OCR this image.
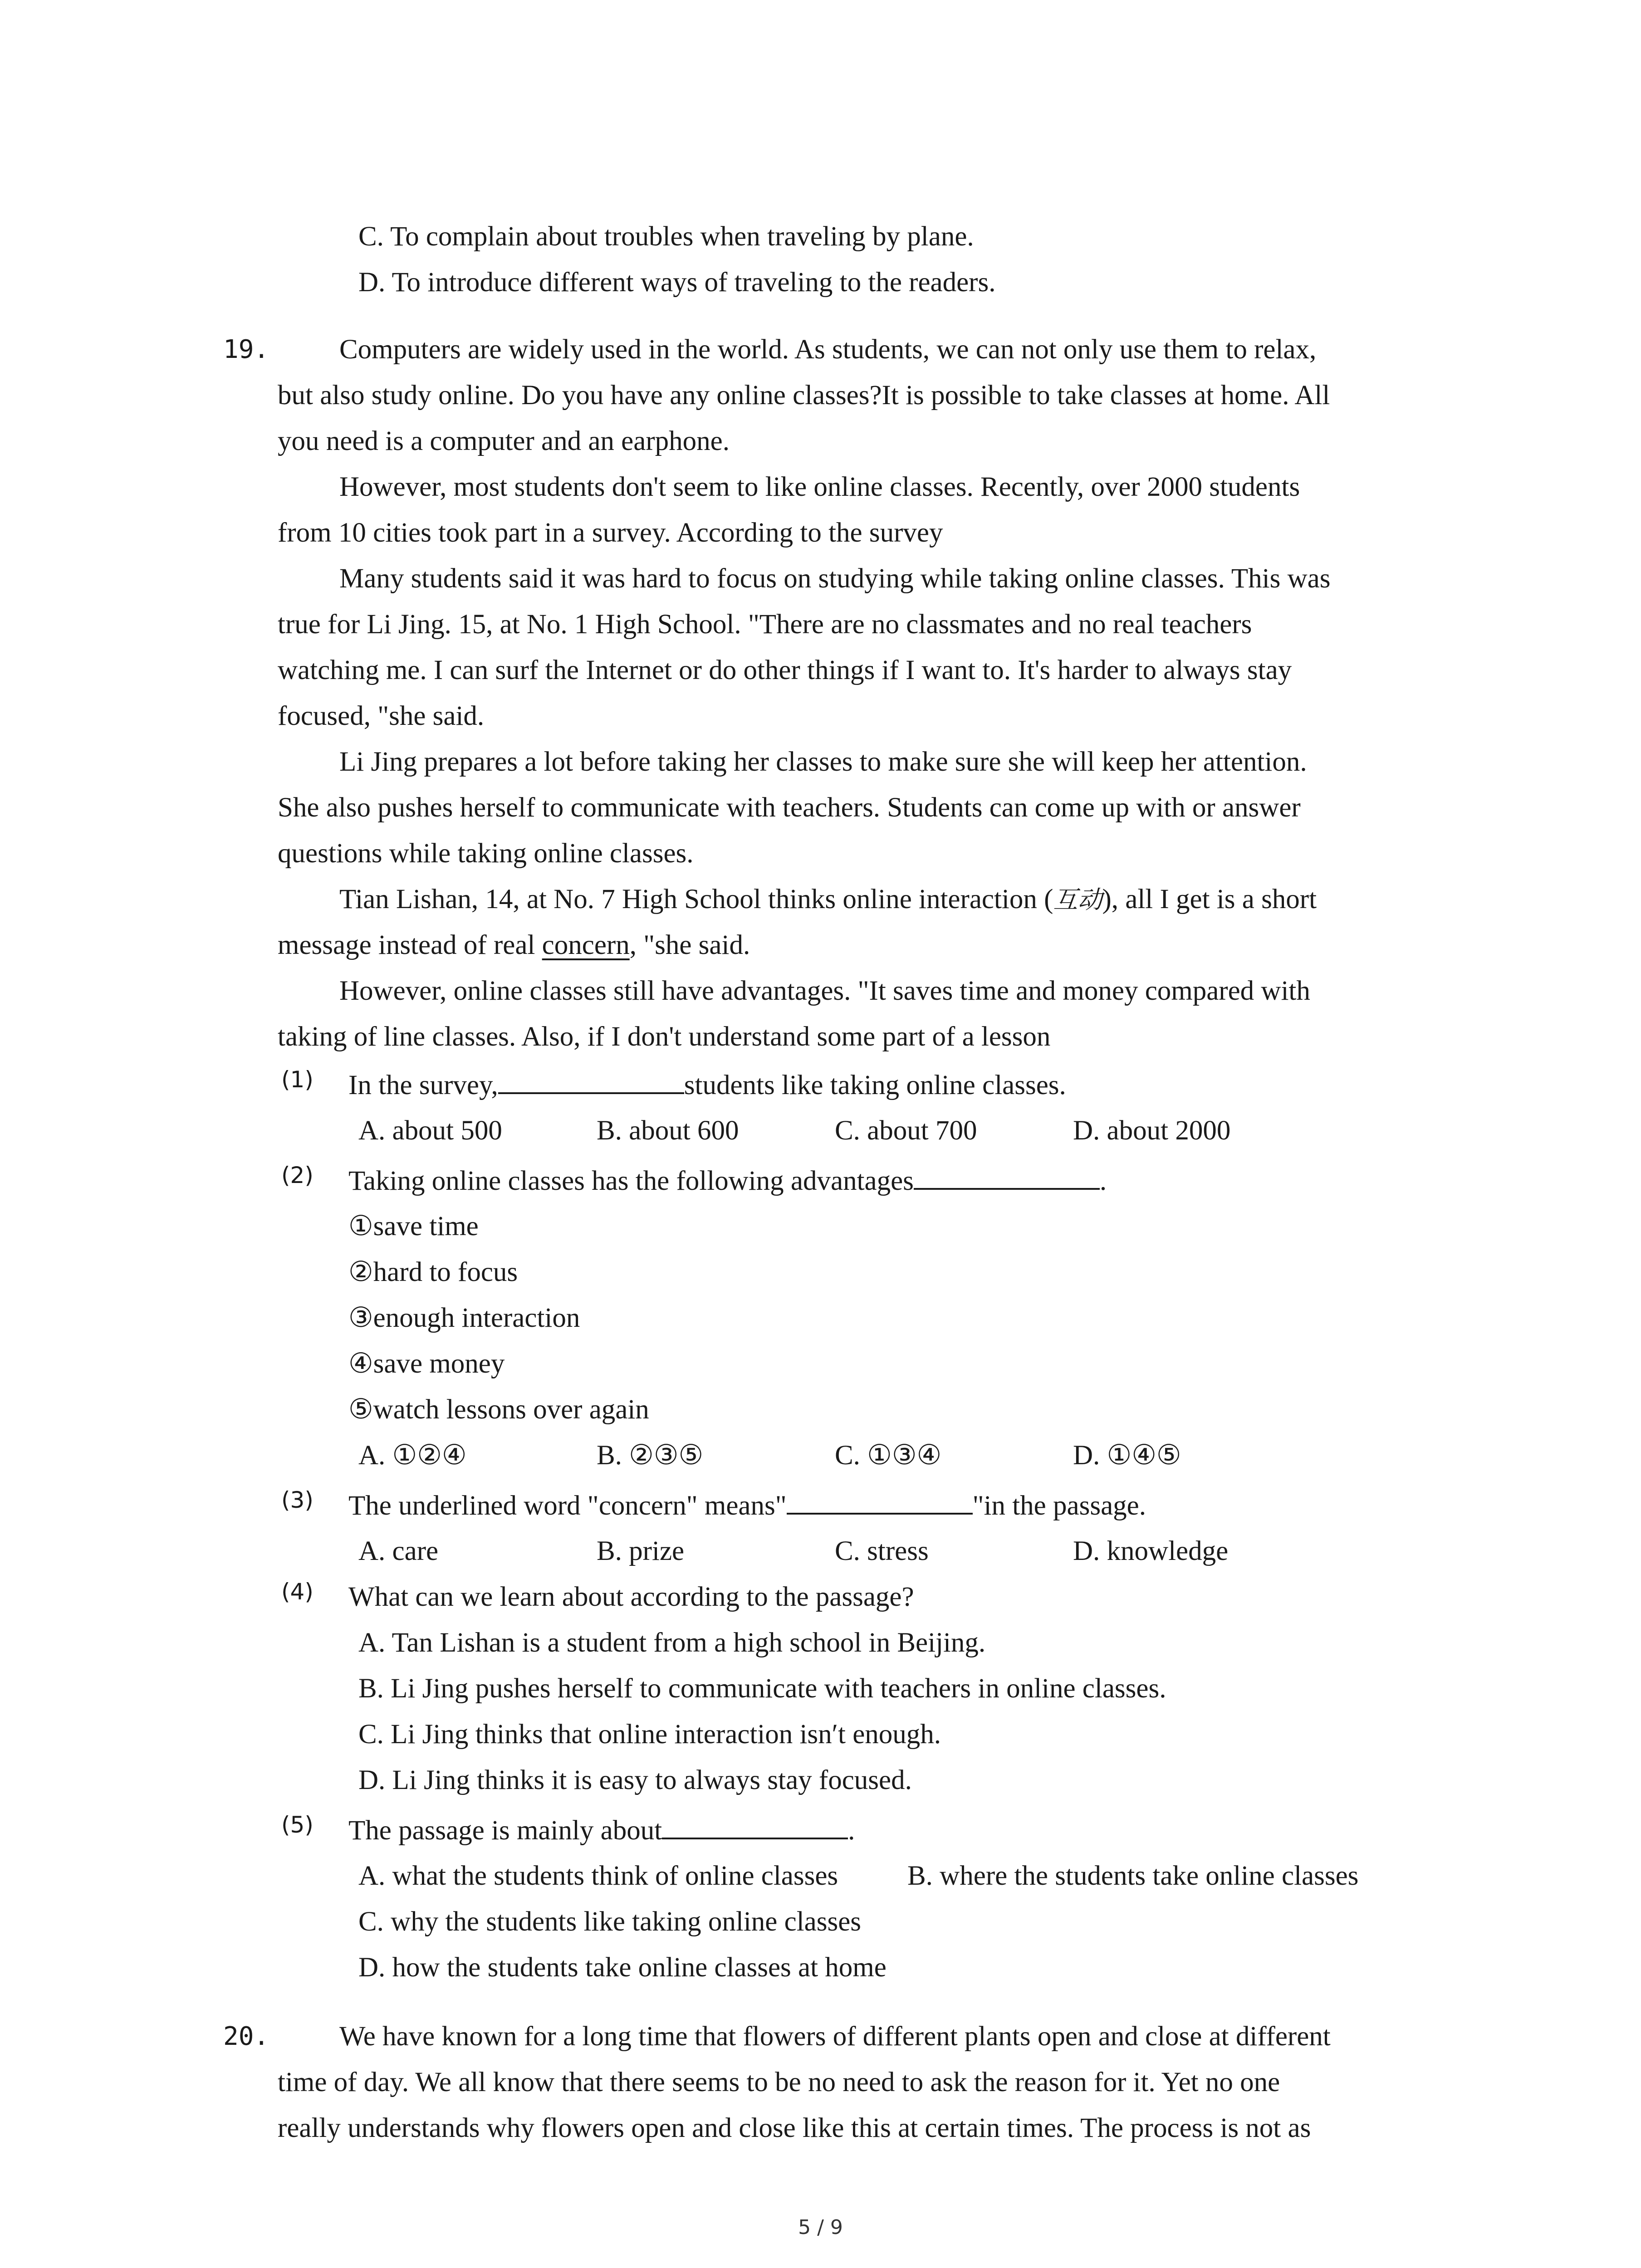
C. To complain about troubles when traveling by plane.
D. To introduce different ways of traveling to the readers.
19.	Computers are widely used in the world. As students, we can not only use them to relax,
but also study online. Do you have any online classes?It is possible to take classes at home. All
you need is a computer and an earphone.
However, most students don't seem to like online classes. Recently, over 2000 students
from 10 cities took part in a survey. According to the survey
Many students said it was hard to focus on studying while taking online classes. This was
true for Li Jing. 15, at No. 1 High School. "There are no classmates and no real teachers
watching me. I can surf the Internet or do other things if I want to. It's harder to always stay
focused, "she said.
Li Jing prepares a lot before taking her classes to make sure she will keep her attention.
She also pushes herself to communicate with teachers. Students can come up with or answer
questions while taking online classes.
Tian Lishan, 14, at No. 7 High School thinks online interaction (互动), all I get is a short
message instead of real concern, "she said.
However, online classes still have advantages. "It saves time and money compared with
taking of line classes. Also, if I don't understand some part of a lesson
(1) In the survey,	students like taking online classes.
A. about 500	B. about 600	C. about 700	D. about 2000
(2) Taking online classes has the following advantages	.
①save time
②hard to focus
③enough interaction
④save money
⑤watch lessons over again
A. ①②④	B. ②③⑤	C. ①③④	D. ①④⑤
(3) The underlined word "concern" means"	"in the passage.
A. care	B. prize	C. stress	D. knowledge
(4) What can we learn about according to the passage?
A. Tan Lishan is a student from a high school in Beijing.
B. Li Jing pushes herself to communicate with teachers in online classes.
C. Li Jing thinks that online interaction isn′t enough.
D. Li Jing thinks it is easy to always stay focused.
(5) The passage is mainly about	.
A. what the students think of online classes	B. where the students take online classes
C. why the students like taking online classes
D. how the students take online classes at home
20.	We have known for a long time that flowers of different plants open and close at different
time of day. We all know that there seems to be no need to ask the reason for it. Yet no one
really understands why flowers open and close like this at certain times. The process is not as
5 / 9
